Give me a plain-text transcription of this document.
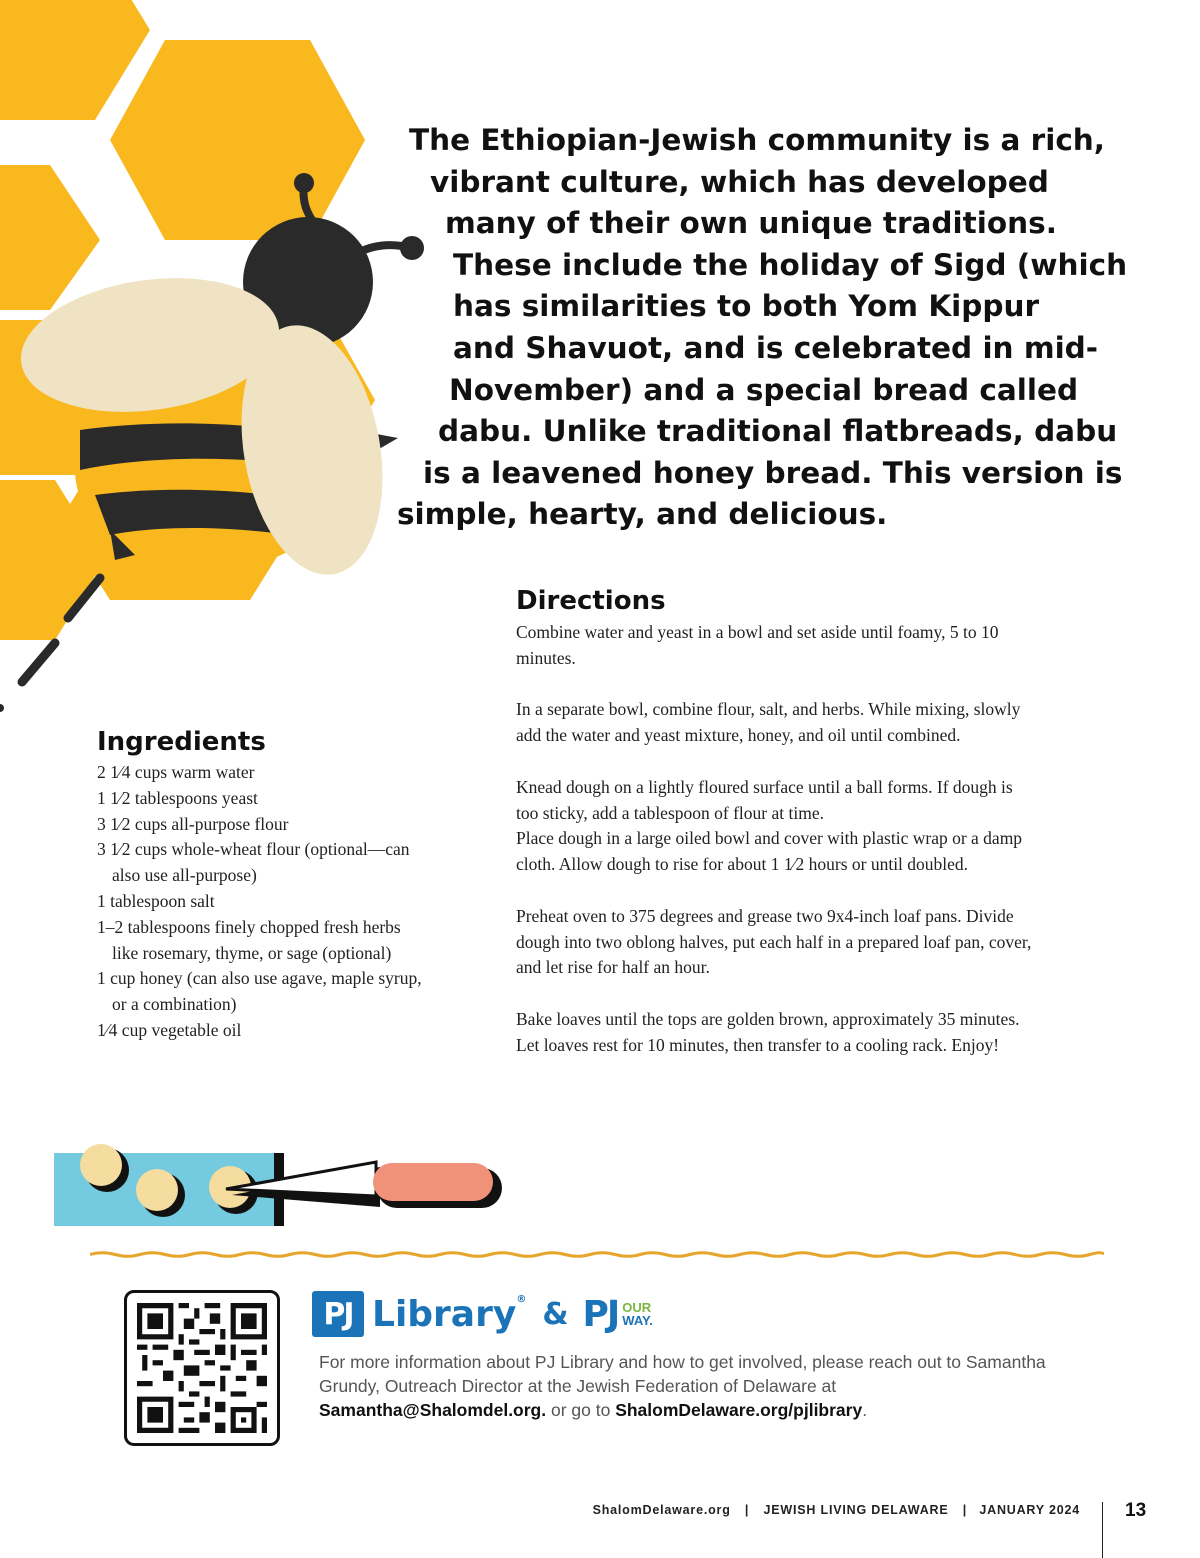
The Ethiopian-Jewish community is a rich,
vibrant culture, which has developed
many of their own unique traditions.
These include the holiday of Sigd (which
has similarities to both Yom Kippur
and Shavuot, and is celebrated in mid-
November) and a special bread called
dabu. Unlike traditional flatbreads, dabu
is a leavened honey bread. This version is
simple, hearty, and delicious.
Directions

Combine water and yeast in a bowl and set aside until foamy, 5 to 10 minutes.

In a separate bowl, combine flour, salt, and herbs. While mixing, slowly add the water and yeast mixture, honey, and oil until combined.

Knead dough on a lightly floured surface until a ball forms. If dough is too sticky, add a tablespoon of flour at time.

Place dough in a large oiled bowl and cover with plastic wrap or a damp cloth. Allow dough to rise for about 1 1⁄2 hours or until doubled.

Preheat oven to 375 degrees and grease two 9x4-inch loaf pans. Divide dough into two oblong halves, put each half in a prepared loaf pan, cover, and let rise for half an hour.

Bake loaves until the tops are golden brown, approximately 35 minutes. Let loaves rest for 10 minutes, then transfer to a cooling rack. Enjoy!

Ingredients
2 1⁄4 cups warm water
1 1⁄2 tablespoons yeast
3 1⁄2 cups all-purpose flour
3 1⁄2 cups whole-wheat flour (optional—can also use all-purpose)
1 tablespoon salt
1–2 tablespoons finely chopped fresh herbs like rosemary, thyme, or sage (optional)
1 cup honey (can also use agave, maple syrup, or a combination)
1⁄4 cup vegetable oil
PJ Library® & PJ OUR
WAY.

For more information about PJ Library and how to get involved, please reach out to Samantha Grundy, Outreach Director at the Jewish Federation of Delaware at Samantha@Shalomdel.org. or go to ShalomDelaware.org/pjlibrary.

ShalomDelaware.org | JEWISH LIVING DELAWARE | JANUARY 2024 13
